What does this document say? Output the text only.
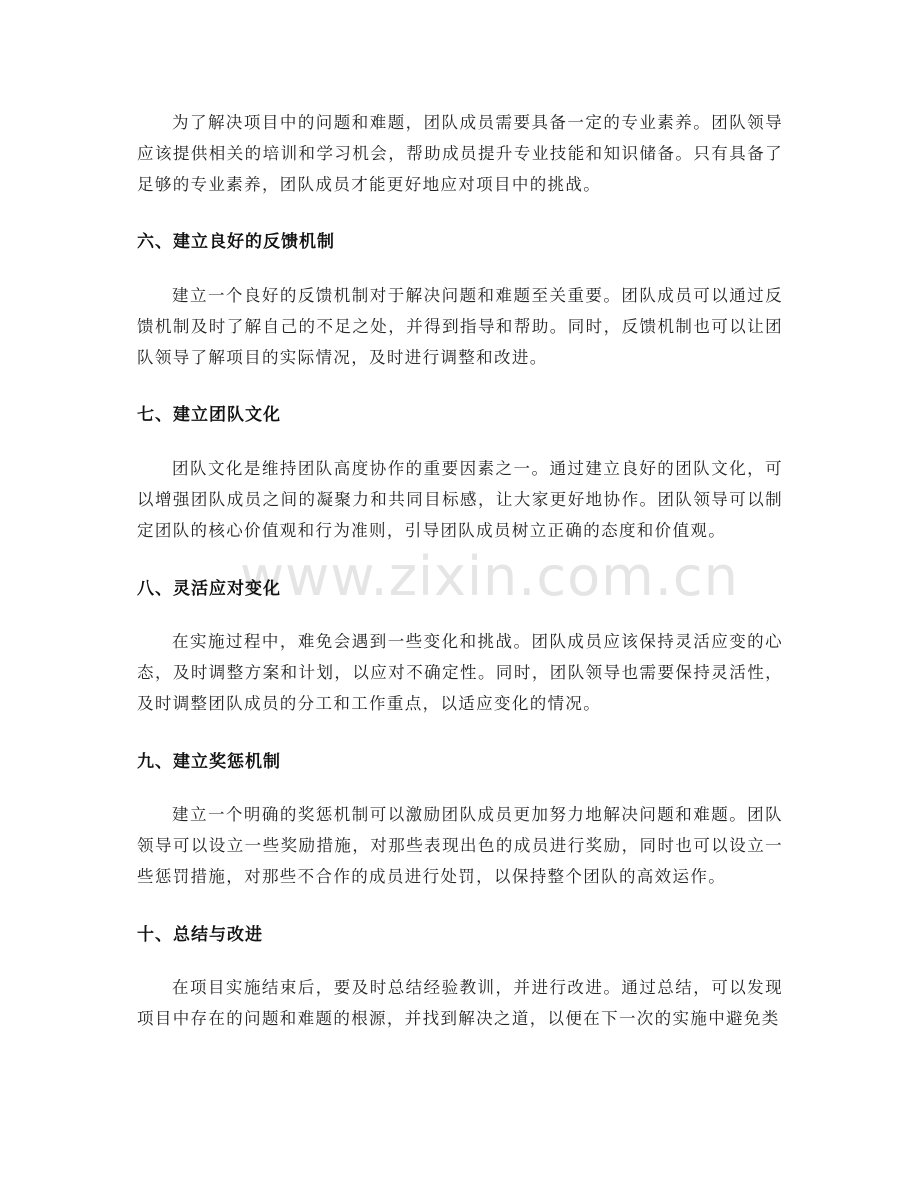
www.zixin.com.cn

为了解决项目中的问题和难题，团队成员需要具备一定的专业素养。团队领导应该提供相关的培训和学习机会，帮助成员提升专业技能和知识储备。只有具备了足够的专业素养，团队成员才能更好地应对项目中的挑战。

六、建立良好的反馈机制

建立一个良好的反馈机制对于解决问题和难题至关重要。团队成员可以通过反馈机制及时了解自己的不足之处，并得到指导和帮助。同时，反馈机制也可以让团队领导了解项目的实际情况，及时进行调整和改进。

七、建立团队文化

团队文化是维持团队高度协作的重要因素之一。通过建立良好的团队文化，可以增强团队成员之间的凝聚力和共同目标感，让大家更好地协作。团队领导可以制定团队的核心价值观和行为准则，引导团队成员树立正确的态度和价值观。

八、灵活应对变化

在实施过程中，难免会遇到一些变化和挑战。团队成员应该保持灵活应变的心态，及时调整方案和计划，以应对不确定性。同时，团队领导也需要保持灵活性，及时调整团队成员的分工和工作重点，以适应变化的情况。

九、建立奖惩机制

建立一个明确的奖惩机制可以激励团队成员更加努力地解决问题和难题。团队领导可以设立一些奖励措施，对那些表现出色的成员进行奖励，同时也可以设立一些惩罚措施，对那些不合作的成员进行处罚，以保持整个团队的高效运作。

十、总结与改进

在项目实施结束后，要及时总结经验教训，并进行改进。通过总结，可以发现项目中存在的问题和难题的根源，并找到解决之道，以便在下一次的实施中避免类
